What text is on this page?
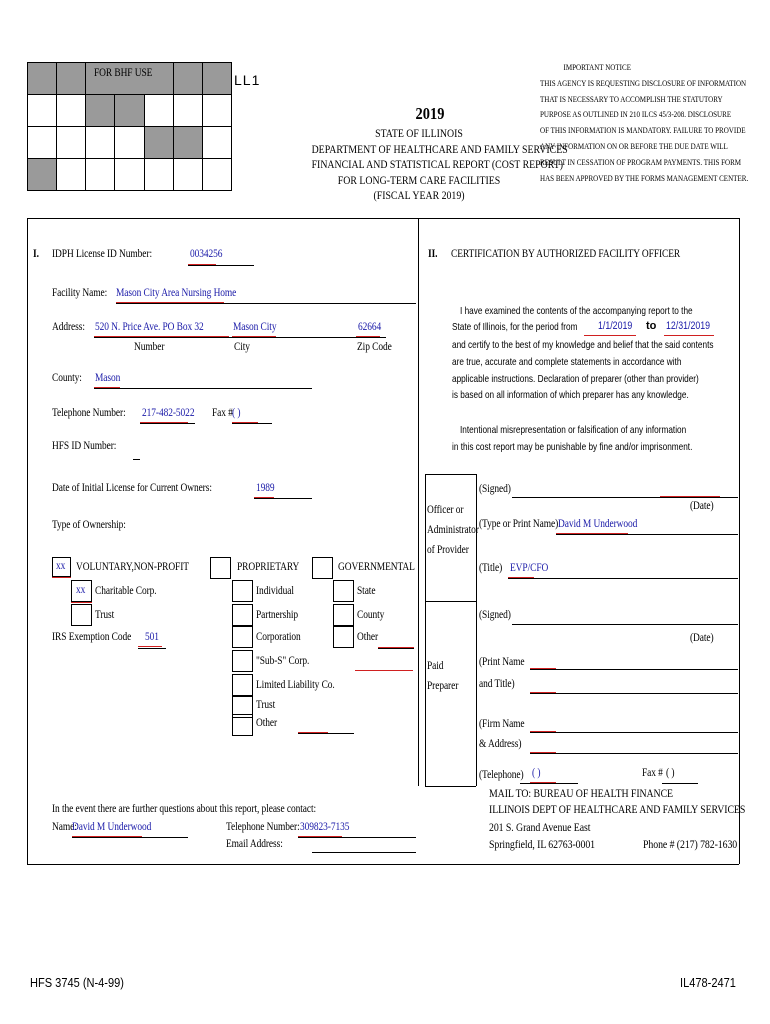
		FOR BHF USE				

							LL1
2019
STATE OF ILLINOIS
DEPARTMENT OF HEALTHCARE AND FAMILY SERVICES
FINANCIAL AND STATISTICAL REPORT (COST REPORT)
FOR LONG-TERM CARE FACILITIES
(FISCAL YEAR 2019)
IMPORTANT NOTICE
THIS AGENCY IS REQUESTING DISCLOSURE OF INFORMATION
THAT IS NECESSARY TO ACCOMPLISH THE STATUTORY
PURPOSE AS OUTLINED IN 210 ILCS 45/3-208. DISCLOSURE
OF THIS INFORMATION IS MANDATORY. FAILURE TO PROVIDE
ANY INFORMATION ON OR BEFORE THE DUE DATE WILL
RESULT IN CESSATION OF PROGRAM PAYMENTS. THIS FORM
HAS BEEN APPROVED BY THE FORMS MANAGEMENT CENTER.
I. IDPH License ID Number:	0034256
Facility Name: Mason City Area Nursing Home
Address: 520 N. Price Ave. PO Box 32	Mason City	62664
Number	City	Zip Code
County: Mason
Telephone Number: 217-482-5022 Fax # ( )
HFS ID Number:
Date of Initial License for Current Owners:	1989
Type of Ownership:
xx VOLUNTARY,NON-PROFIT
xx Charitable Corp.
Trust
IRS Exemption Code 501
PROPRIETARY
Individual
Partnership
Corporation
"Sub-S" Corp.
Limited Liability Co.
Trust
Other
GOVERNMENTAL
State
County
Other
In the event there are further questions about this report, please contact:
Name:
David M Underwood	Telephone Number: 309823-7135
Email Address:
II. CERTIFICATION BY AUTHORIZED FACILITY OFFICER
I have examined the contents of the accompanying report to the
State of Illinois, for the period from 1/1/2019 to 12/31/2019
and certify to the best of my knowledge and belief that the said contents
are true, accurate and complete statements in accordance with
applicable instructions. Declaration of preparer (other than provider)
is based on all information of which preparer has any knowledge.
Intentional misrepresentation or falsification of any information
in this cost report may be punishable by fine and/or imprisonment.
Officer or
Administrator
of Provider
Paid
Preparer
(Signed)
(Date)
(Type or Print Name) David M Underwood
(Title) EVP/CFO
(Signed)
(Date)
(Print Name
and Title)
(Firm Name
& Address)
(Telephone) ( )	Fax # ( )
MAIL TO: BUREAU OF HEALTH FINANCE
ILLINOIS DEPT OF HEALTHCARE AND FAMILY SERVICES
201 S. Grand Avenue East
Springfield, IL 62763-0001	Phone # (217) 782-1630
HFS 3745 (N-4-99)	IL478-2471
